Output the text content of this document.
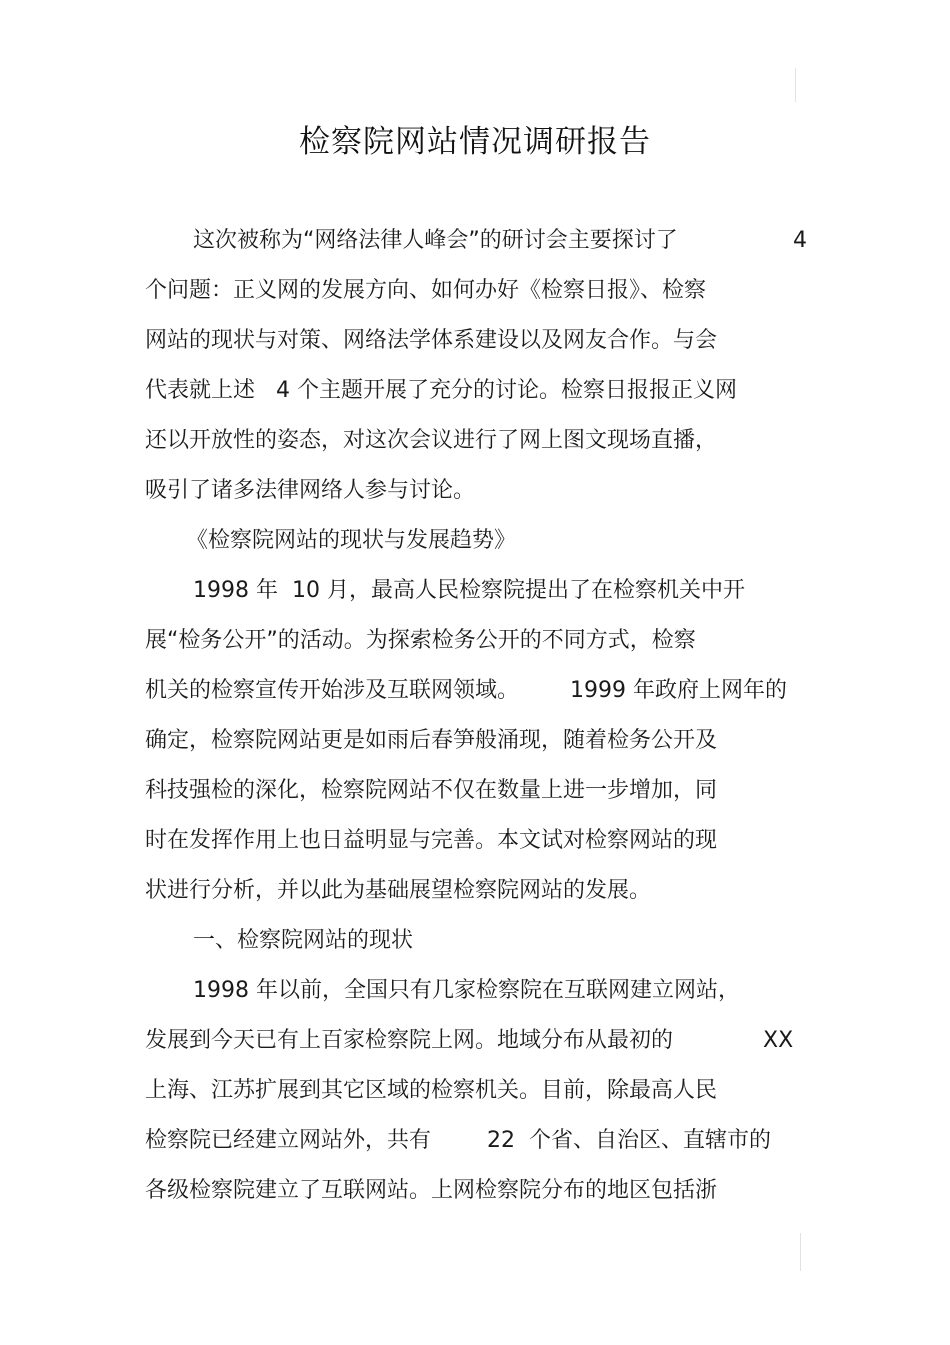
检察院网站情况调研报告
这次被称为“网络法律人峰会”的研讨会主要探讨了	4
个问题：正义网的发展方向、如何办好《检察日报》、检察
网站的现状与对策、网络法学体系建设以及网友合作。与会
代表就上述   4 个主题开展了充分的讨论。检察日报报正义网
还以开放性的姿态，对这次会议进行了网上图文现场直播，
吸引了诸多法律网络人参与讨论。
《检察院网站的现状与发展趋势》
1998 年  10 月，最高人民检察院提出了在检察机关中开
展“检务公开”的活动。为探索检务公开的不同方式，检察
机关的检察宣传开始涉及互联网领域。 1999 年政府上网年的
确定，检察院网站更是如雨后春笋般涌现，随着检务公开及
科技强检的深化，检察院网站不仅在数量上进一步增加，同
时在发挥作用上也日益明显与完善。本文试对检察网站的现
状进行分析，并以此为基础展望检察院网站的发展。
一、检察院网站的现状
1998 年以前，全国只有几家检察院在互联网建立网站，
发展到今天已有上百家检察院上网。地域分布从最初的	XX
上海、江苏扩展到其它区域的检察机关。目前，除最高人民
检察院已经建立网站外，共有	22  个省、自治区、直辖市的
各级检察院建立了互联网站。上网检察院分布的地区包括浙
